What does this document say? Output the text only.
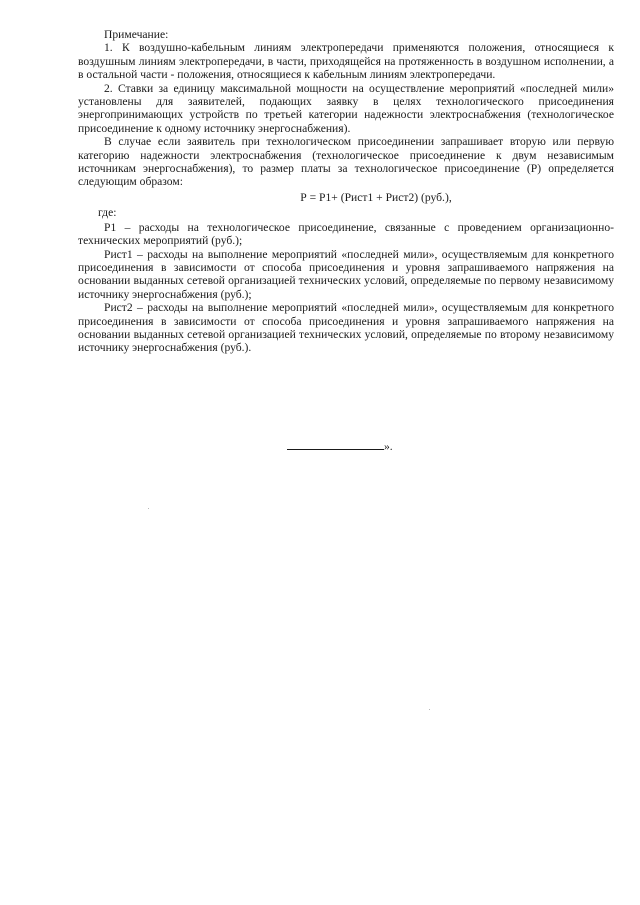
Примечание:

1. К воздушно-кабельным линиям электропередачи применяются положения, относящиеся к воздушным линиям электропередачи, в части, приходящейся на протяженность в воздушном исполнении, а в остальной части - положения, относящиеся к кабельным линиям электропередачи.

2. Ставки за единицу максимальной мощности на осуществление мероприятий «последней мили» установлены для заявителей, подающих заявку в целях технологического присоединения энергопринимающих устройств по третьей категории надежности электроснабжения (технологическое присоединение к одному источнику энергоснабжения).

В случае если заявитель при технологическом присоединении запрашивает вторую или первую категорию надежности электроснабжения (технологическое присоединение к двум независимым источникам энергоснабжения), то размер платы за технологическое присоединение (Р) определяется следующим образом:

Р = Р1+ (Рист1 + Рист2) (руб.),

где:

Р1 – расходы на технологическое присоединение, связанные с проведением организационно-технических мероприятий (руб.);

Рист1 – расходы на выполнение мероприятий «последней мили», осуществляемым для конкретного присоединения в зависимости от способа присоединения и уровня запрашиваемого напряжения на основании выданных сетевой организацией технических условий, определяемые по первому независимому источнику энергоснабжения (руб.);

Рист2 – расходы на выполнение мероприятий «последней мили», осуществляемым для конкретного присоединения в зависимости от способа присоединения и уровня запрашиваемого напряжения на основании выданных сетевой организацией технических условий, определяемые по второму независимому источнику энергоснабжения (руб.).

».
